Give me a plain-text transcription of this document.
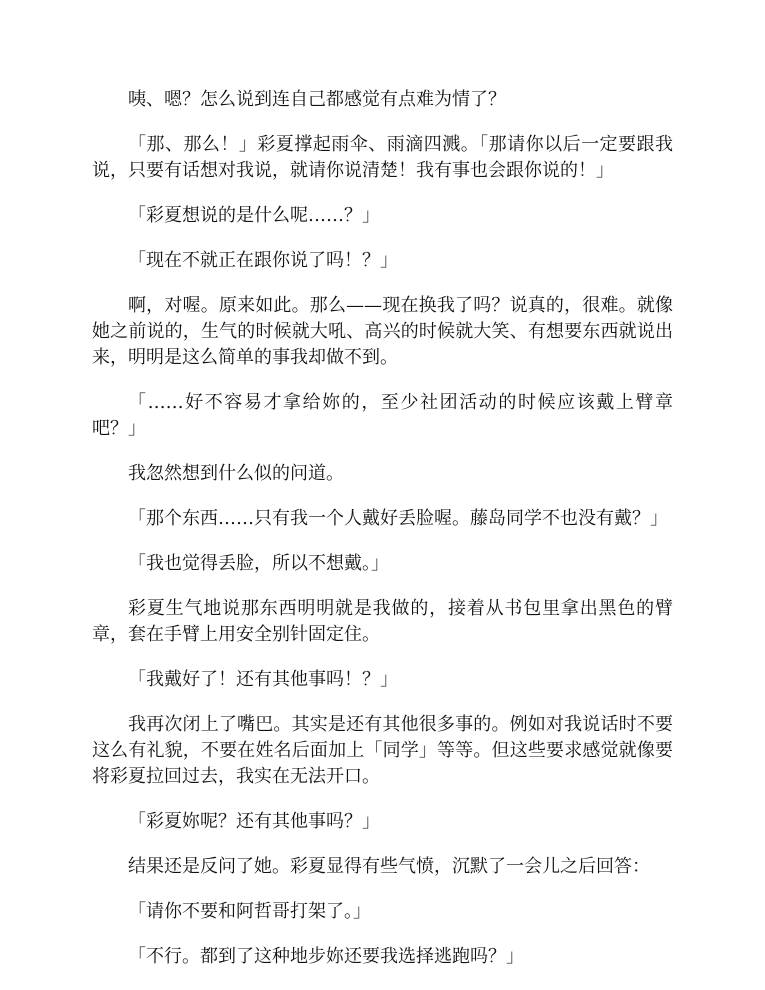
咦、嗯？怎么说到连自己都感觉有点难为情了？

「那、那么！」彩夏撑起雨伞、雨滴四溅。「那请你以后一定要跟我说，只要有话想对我说，就请你说清楚！我有事也会跟你说的！」

「彩夏想说的是什么呢……？」

「现在不就正在跟你说了吗！？」

啊，对喔。原来如此。那么——现在换我了吗？说真的，很难。就像她之前说的，生气的时候就大吼、高兴的时候就大笑、有想要东西就说出来，明明是这么简单的事我却做不到。

「……好不容易才拿给妳的，至少社团活动的时候应该戴上臂章吧？」

我忽然想到什么似的问道。

「那个东西……只有我一个人戴好丢脸喔。藤岛同学不也没有戴？」

「我也觉得丢脸，所以不想戴。」

彩夏生气地说那东西明明就是我做的，接着从书包里拿出黑色的臂章，套在手臂上用安全别针固定住。

「我戴好了！还有其他事吗！？」

我再次闭上了嘴巴。其实是还有其他很多事的。例如对我说话时不要这么有礼貌，不要在姓名后面加上「同学」等等。但这些要求感觉就像要将彩夏拉回过去，我实在无法开口。

「彩夏妳呢？还有其他事吗？」

结果还是反问了她。彩夏显得有些气愤，沉默了一会儿之后回答：

「请你不要和阿哲哥打架了。」

「不行。都到了这种地步妳还要我选择逃跑吗？」
